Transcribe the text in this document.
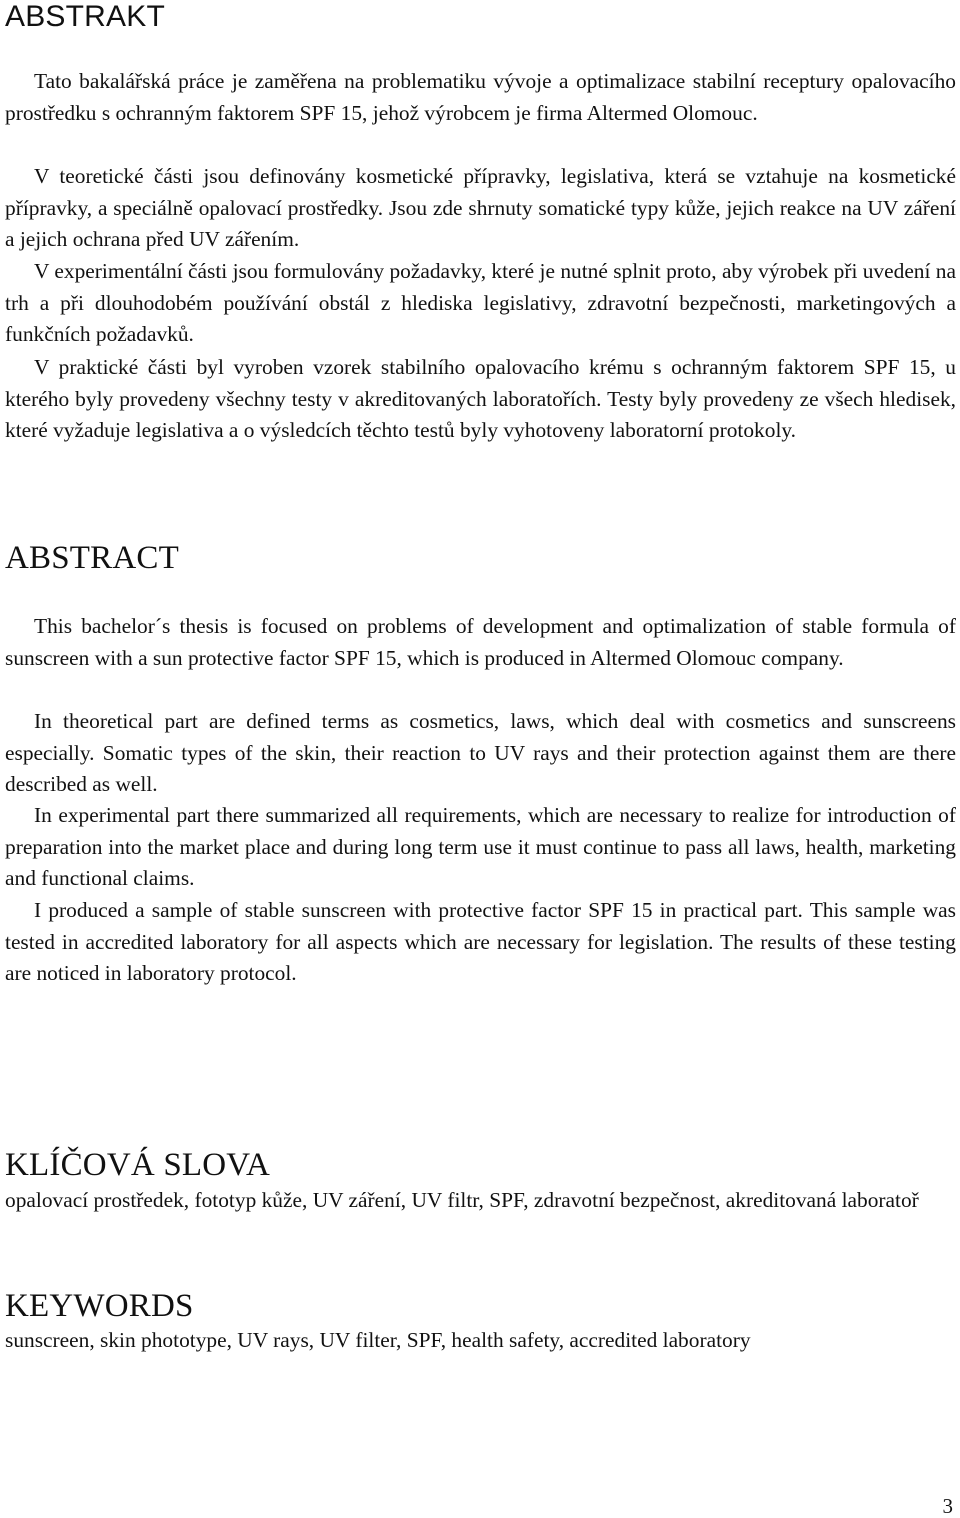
ABSTRAKT

Tato bakalářská práce je zaměřena na problematiku vývoje a optimalizace stabilní receptury opalovacího prostředku s ochranným faktorem SPF 15, jehož výrobcem je firma Altermed Olomouc.

V teoretické části jsou definovány kosmetické přípravky, legislativa, která se vztahuje na kosmetické přípravky, a speciálně opalovací prostředky. Jsou zde shrnuty somatické typy kůže, jejich reakce na UV záření a jejich ochrana před UV zářením.

V experimentální části jsou formulovány požadavky, které je nutné splnit proto, aby výrobek při uvedení na trh a při dlouhodobém používání obstál z hlediska legislativy, zdravotní bezpečnosti, marketingových a funkčních požadavků.

V praktické části byl vyroben vzorek stabilního opalovacího krému s ochranným faktorem SPF 15, u kterého byly provedeny všechny testy v akreditovaných laboratořích. Testy byly provedeny ze všech hledisek, které vyžaduje legislativa a o výsledcích těchto testů byly vyhotoveny laboratorní protokoly.

ABSTRACT

This bachelor´s thesis is focused on problems of development and optimalization of stable formula of sunscreen with a sun protective factor SPF 15, which is produced in Altermed Olomouc company.

In theoretical part are defined terms as cosmetics, laws, which deal with cosmetics and sunscreens especially. Somatic types of the skin, their reaction to UV rays and their protection against them are there described as well.

In experimental part there summarized all requirements, which are necessary to realize for introduction of preparation into the market place and during long term use it must continue to pass all laws, health, marketing and functional claims.

I produced a sample of stable sunscreen with protective factor SPF 15 in practical part. This sample was tested in accredited laboratory for all aspects which are necessary for legislation. The results of these testing are noticed in laboratory protocol.

KLÍČOVÁ SLOVA

opalovací prostředek, fototyp kůže, UV záření, UV filtr, SPF, zdravotní bezpečnost, akreditovaná laboratoř

KEYWORDS

sunscreen, skin phototype, UV rays, UV filter, SPF, health safety, accredited laboratory

3
